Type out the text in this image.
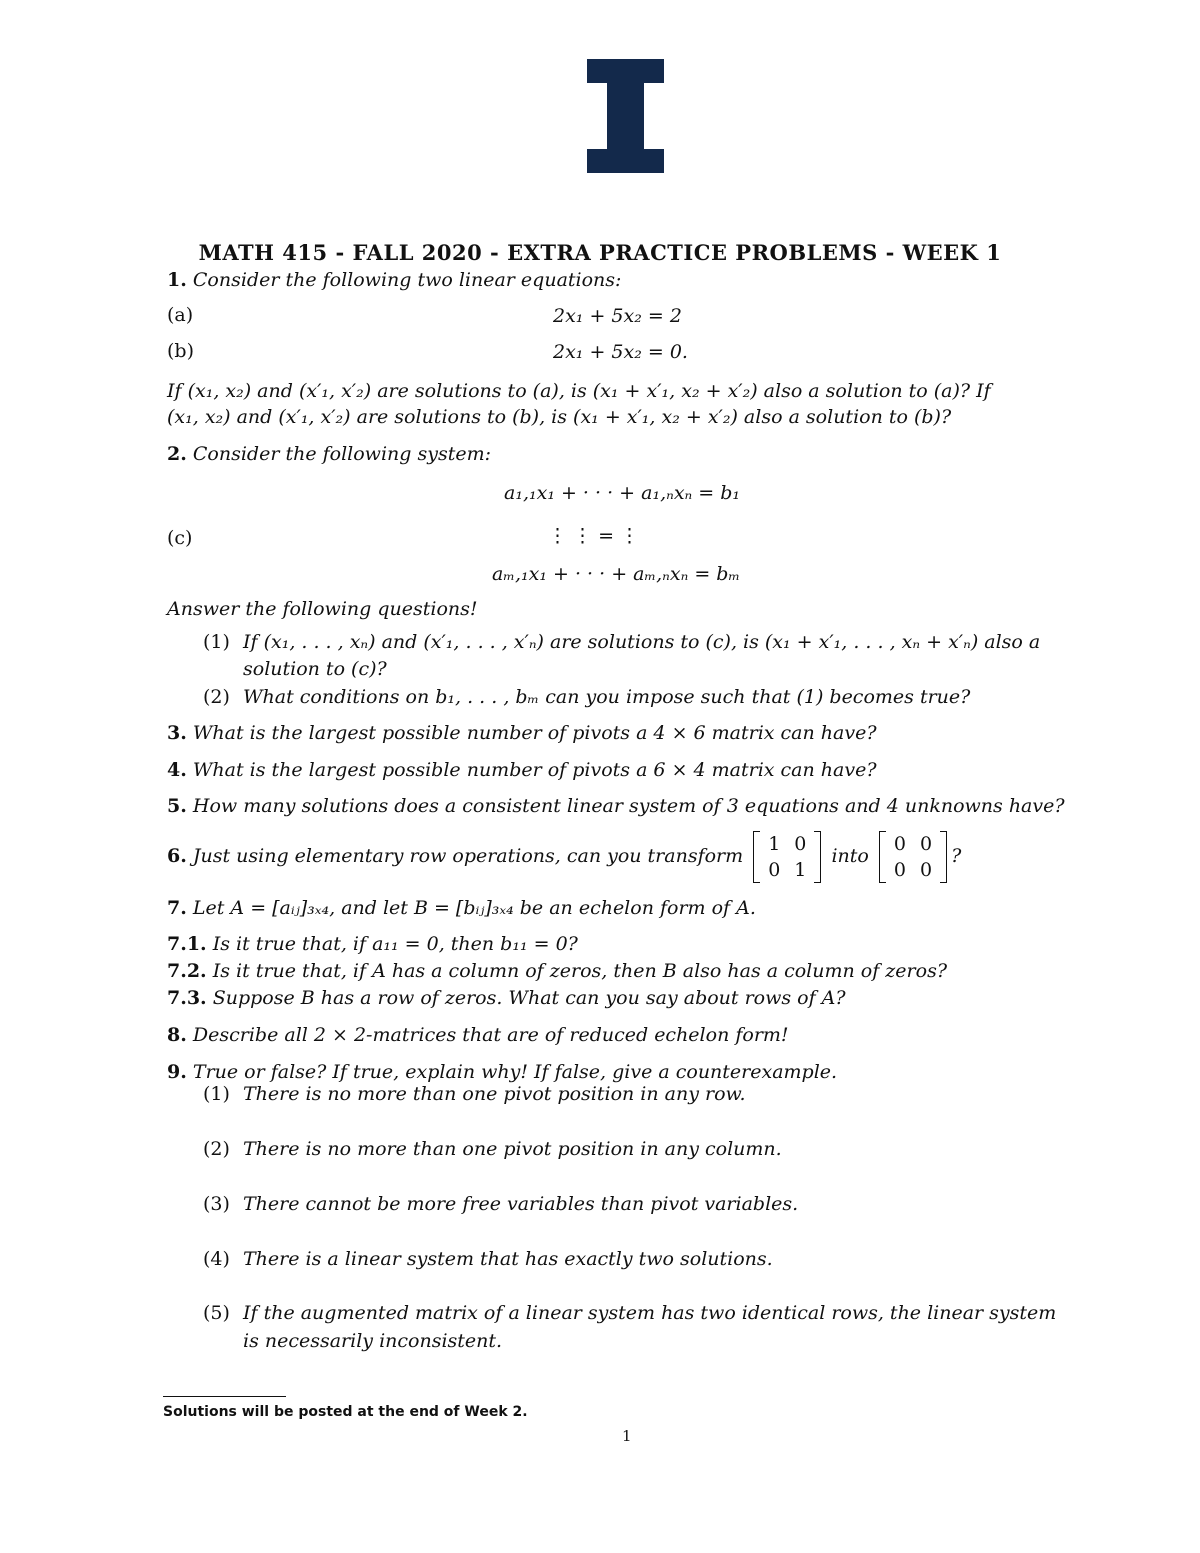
MATH 415 - FALL 2020 - EXTRA PRACTICE PROBLEMS - WEEK 1
1. Consider the following two linear equations:
(a)	2x₁ + 5x₂ = 2
(b)	2x₁ + 5x₂ = 0.
If (x₁, x₂) and (x′₁, x′₂) are solutions to (a), is (x₁ + x′₁, x₂ + x′₂) also a solution to (a)? If
(x₁, x₂) and (x′₁, x′₂) are solutions to (b), is (x₁ + x′₁, x₂ + x′₂) also a solution to (b)?
2. Consider the following system:
a₁,₁x₁ + · · · + a₁,ₙxₙ = b₁
(c)	⋮ ⋮ = ⋮
aₘ,₁x₁ + · · · + aₘ,ₙxₙ = bₘ
Answer the following questions!
(1) If (x₁, . . . , xₙ) and (x′₁, . . . , x′ₙ) are solutions to (c), is (x₁ + x′₁, . . . , xₙ + x′ₙ) also a
solution to (c)?
(2) What conditions on b₁, . . . , bₘ can you impose such that (1) becomes true?
3. What is the largest possible number of pivots a 4 × 6 matrix can have?
4. What is the largest possible number of pivots a 6 × 4 matrix can have?
5. How many solutions does a consistent linear system of 3 equations and 4 unknowns have?
6. Just using elementary row operations, can you transform
1	0
0	1
into
0	0
0	0
?
7. Let A = [aᵢⱼ]₃ₓ₄, and let B = [bᵢⱼ]₃ₓ₄ be an echelon form of A.
7.1. Is it true that, if a₁₁ = 0, then b₁₁ = 0?
7.2. Is it true that, if A has a column of zeros, then B also has a column of zeros?
7.3. Suppose B has a row of zeros. What can you say about rows of A?
8. Describe all 2 × 2-matrices that are of reduced echelon form!
9. True or false? If true, explain why! If false, give a counterexample.
(1) There is no more than one pivot position in any row.
(2) There is no more than one pivot position in any column.
(3) There cannot be more free variables than pivot variables.
(4) There is a linear system that has exactly two solutions.
(5) If the augmented matrix of a linear system has two identical rows, the linear system
is necessarily inconsistent.
Solutions will be posted at the end of Week 2.
1
